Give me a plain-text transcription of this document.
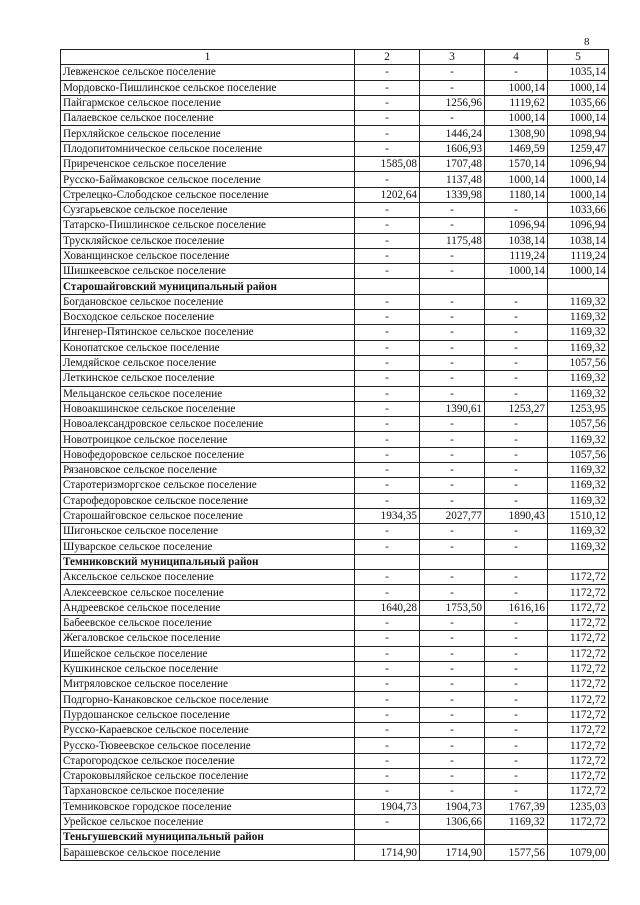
8
1	2	3	4	5
Левженское сельское поселение	-	-	-	1035,14
Мордовско-Пишлинское сельское поселение	-	-	1000,14	1000,14
Пайгармское сельское поселение	-	1256,96	1119,62	1035,66
Палаевское сельское поселение	-	-	1000,14	1000,14
Перхляйское сельское поселение	-	1446,24	1308,90	1098,94
Плодопитомническое сельское поселение	-	1606,93	1469,59	1259,47
Приреченское сельское поселение	1585,08	1707,48	1570,14	1096,94
Русско-Баймаковское сельское поселение	-	1137,48	1000,14	1000,14
Стрелецко-Слободское сельское поселение	1202,64	1339,98	1180,14	1000,14
Сузгарьевское сельское поселение	-	-	-	1033,66
Татарско-Пишлинское сельское поселение	-	-	1096,94	1096,94
Трускляйское сельское поселение	-	1175,48	1038,14	1038,14
Хованщинское сельское поселение	-	-	1119,24	1119,24
Шишкеевское сельское поселение	-	-	1000,14	1000,14
Старошайговский муниципальный район				
Богдановское сельское поселение	-	-	-	1169,32
Восходское сельское поселение	-	-	-	1169,32
Ингенер-Пятинское сельское поселение	-	-	-	1169,32
Конопатское сельское поселение	-	-	-	1169,32
Лемдяйское сельское поселение	-	-	-	1057,56
Леткинское сельское поселение	-	-	-	1169,32
Мельцанское сельское поселение	-	-	-	1169,32
Новоакшинское сельское поселение	-	1390,61	1253,27	1253,95
Новоалександровское сельское поселение	-	-	-	1057,56
Новотроицкое сельское поселение	-	-	-	1169,32
Новофедоровское сельское поселение	-	-	-	1057,56
Рязановское сельское поселение	-	-	-	1169,32
Старотеризморгское сельское поселение	-	-	-	1169,32
Старофедоровское сельское поселение	-	-	-	1169,32
Старошайговское сельское поселение	1934,35	2027,77	1890,43	1510,12
Шигоньское сельское поселение	-	-	-	1169,32
Шуварское сельское поселение	-	-	-	1169,32
Темниковский муниципальный район				
Аксельское сельское поселение	-	-	-	1172,72
Алексеевское сельское поселение	-	-	-	1172,72
Андреевское сельское поселение	1640,28	1753,50	1616,16	1172,72
Бабеевское сельское поселение	-	-	-	1172,72
Жегаловское сельское поселение	-	-	-	1172,72
Ишейское сельское поселение	-	-	-	1172,72
Кушкинское сельское поселение	-	-	-	1172,72
Митряловское сельское поселение	-	-	-	1172,72
Подгорно-Канаковское сельское поселение	-	-	-	1172,72
Пурдошанское сельское поселение	-	-	-	1172,72
Русско-Караевское сельское поселение	-	-	-	1172,72
Русско-Тювеевское сельское поселение	-	-	-	1172,72
Старогородское сельское поселение	-	-	-	1172,72
Староковыляйское сельское поселение	-	-	-	1172,72
Тархановское сельское поселение	-	-	-	1172,72
Темниковское городское поселение	1904,73	1904,73	1767,39	1235,03
Урейское сельское поселение	-	1306,66	1169,32	1172,72
Теньгушевский муниципальный район				
Барашевское сельское поселение	1714,90	1714,90	1577,56	1079,00
